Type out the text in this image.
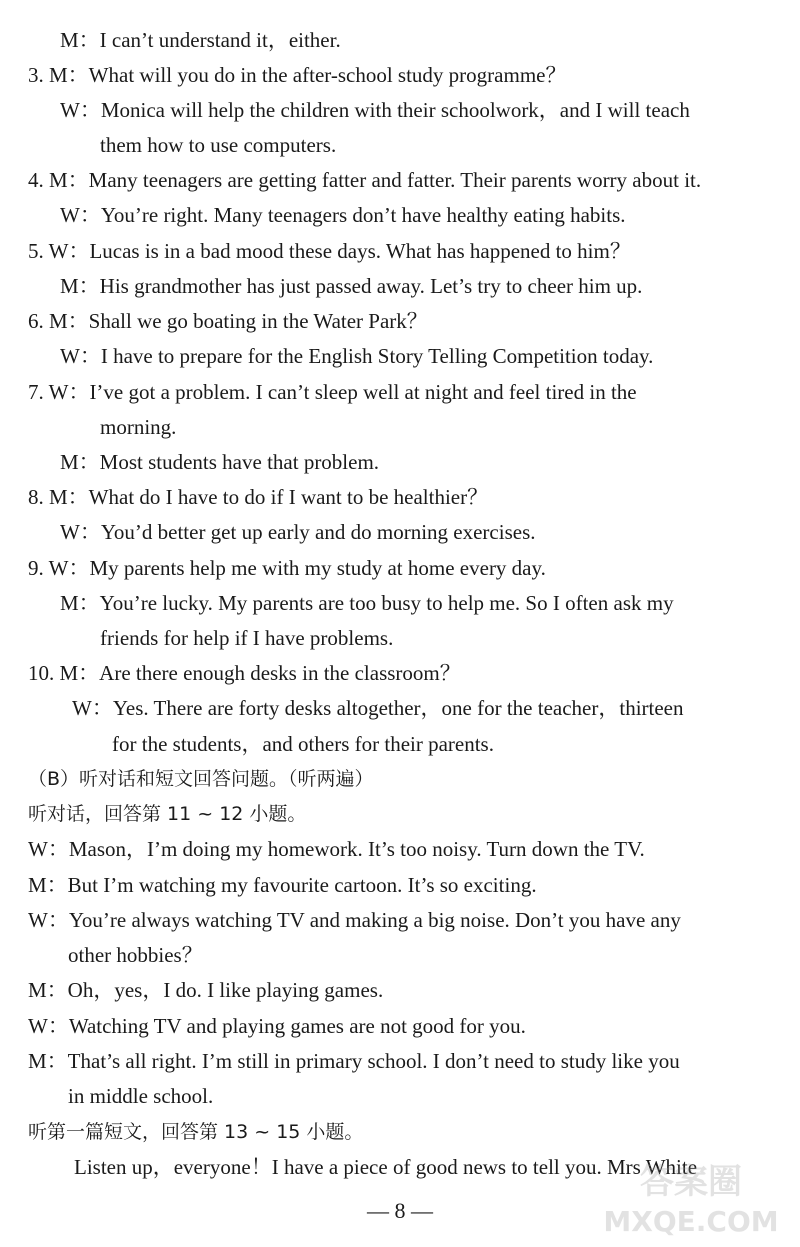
M：I can’t understand it，either.
3. M：What will you do in the after-school study programme？
W：Monica will help the children with their schoolwork，and I will teach
them how to use computers.
4. M：Many teenagers are getting fatter and fatter. Their parents worry about it.
W：You’re right. Many teenagers don’t have healthy eating habits.
5. W：Lucas is in a bad mood these days. What has happened to him？
M：His grandmother has just passed away. Let’s try to cheer him up.
6. M：Shall we go boating in the Water Park？
W：I have to prepare for the English Story Telling Competition today.
7. W：I’ve got a problem. I can’t sleep well at night and feel tired in the
morning.
M：Most students have that problem.
8. M：What do I have to do if I want to be healthier？
W：You’d better get up early and do morning exercises.
9. W：My parents help me with my study at home every day.
M：You’re lucky. My parents are too busy to help me. So I often ask my
friends for help if I have problems.
10. M：Are there enough desks in the classroom？
W：Yes. There are forty desks altogether，one for the teacher，thirteen
for the students，and others for their parents.
（B）听对话和短文回答问题。（听两遍）
听对话，回答第 11 ~ 12 小题。
W：Mason，I’m doing my homework. It’s too noisy. Turn down the TV.
M：But I’m watching my favourite cartoon. It’s so exciting.
W：You’re always watching TV and making a big noise. Don’t you have any
other hobbies？
M：Oh，yes，I do. I like playing games.
W：Watching TV and playing games are not good for you.
M：That’s all right. I’m still in primary school. I don’t need to study like you
in middle school.
听第一篇短文，回答第 13 ~ 15 小题。
Listen up，everyone！I have a piece of good news to tell you. Mrs White
— 8 —
答案圈
MXQE.COM
